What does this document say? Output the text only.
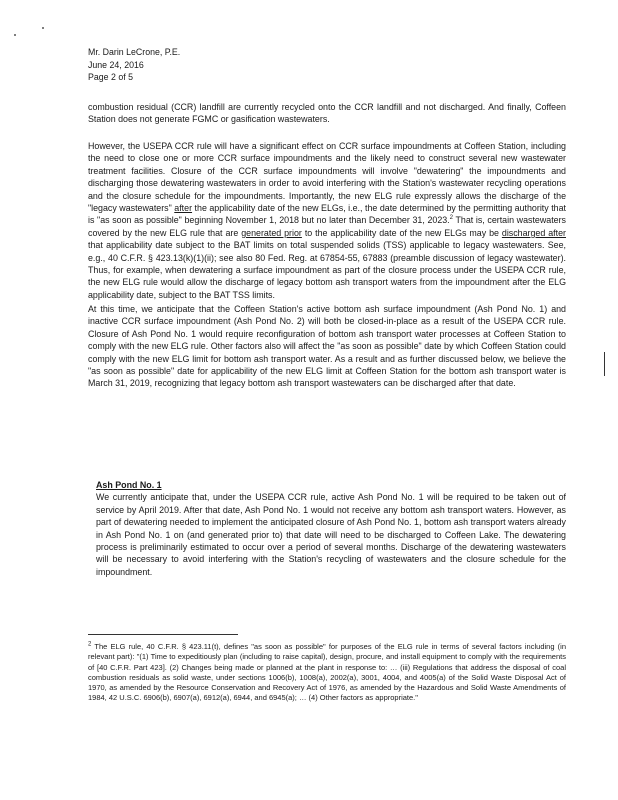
Mr. Darin LeCrone, P.E.
June 24, 2016
Page 2 of 5
combustion residual (CCR) landfill are currently recycled onto the CCR landfill and not discharged. And finally, Coffeen Station does not generate FGMC or gasification wastewaters.
However, the USEPA CCR rule will have a significant effect on CCR surface impoundments at Coffeen Station, including the need to close one or more CCR surface impoundments and the likely need to construct several new wastewater treatment facilities. Closure of the CCR surface impoundments will involve "dewatering" the impoundments and discharging those dewatering wastewaters in order to avoid interfering with the Station's wastewater recycling operations and the closure schedule for the impoundments. Importantly, the new ELG rule expressly allows the discharge of the "legacy wastewaters" after the applicability date of the new ELGs, i.e., the date determined by the permitting authority that is "as soon as possible" beginning November 1, 2018 but no later than December 31, 2023.$^2$ That is, certain wastewaters covered by the new ELG rule that are generated prior to the applicability date of the new ELGs may be discharged after that applicability date subject to the BAT limits on total suspended solids (TSS) applicable to legacy wastewaters. See, e.g., 40 C.F.R. § 423.13(k)(1)(ii); see also 80 Fed. Reg. at 67854-55, 67883 (preamble discussion of legacy wastewater). Thus, for example, when dewatering a surface impoundment as part of the closure process under the USEPA CCR rule, the new ELG rule would allow the discharge of legacy bottom ash transport waters from the impoundment after the ELG applicability date, subject to the BAT TSS limits.
At this time, we anticipate that the Coffeen Station's active bottom ash surface impoundment (Ash Pond No. 1) and inactive CCR surface impoundment (Ash Pond No. 2) will both be closed-in-place as a result of the USEPA CCR rule. Closure of Ash Pond No. 1 would require reconfiguration of bottom ash transport water processes at Coffeen Station to comply with the new ELG rule. Other factors also will affect the "as soon as possible" date by which Coffeen Station could comply with the new ELG limit for bottom ash transport water. As a result and as further discussed below, we believe the "as soon as possible" date for applicability of the new ELG limit at Coffeen Station for the bottom ash transport water is March 31, 2019, recognizing that legacy bottom ash transport wastewaters can be discharged after that date.
Ash Pond No. 1
We currently anticipate that, under the USEPA CCR rule, active Ash Pond No. 1 will be required to be taken out of service by April 2019. After that date, Ash Pond No. 1 would not receive any bottom ash transport waters. However, as part of dewatering needed to implement the anticipated closure of Ash Pond No. 1, bottom ash transport waters already in Ash Pond No. 1 on (and generated prior to) that date will need to be discharged to Coffeen Lake. The dewatering process is preliminarily estimated to occur over a period of several months. Discharge of the dewatering wastewaters will be necessary to avoid interfering with the Station's recycling of wastewaters and the closure schedule for the impoundment.
$^2$ The ELG rule, 40 C.F.R. § 423.11(t), defines "as soon as possible" for purposes of the ELG rule in terms of several factors including (in relevant part): "(1) Time to expeditiously plan (including to raise capital), design, procure, and install equipment to comply with the requirements of [40 C.F.R. Part 423]. (2) Changes being made or planned at the plant in response to: … (iii) Regulations that address the disposal of coal combustion residuals as solid waste, under sections 1006(b), 1008(a), 2002(a), 3001, 4004, and 4005(a) of the Solid Waste Disposal Act of 1970, as amended by the Resource Conservation and Recovery Act of 1976, as amended by the Hazardous and Solid Waste Amendments of 1984, 42 U.S.C. 6906(b), 6907(a), 6912(a), 6944, and 6945(a); … (4) Other factors as appropriate."
